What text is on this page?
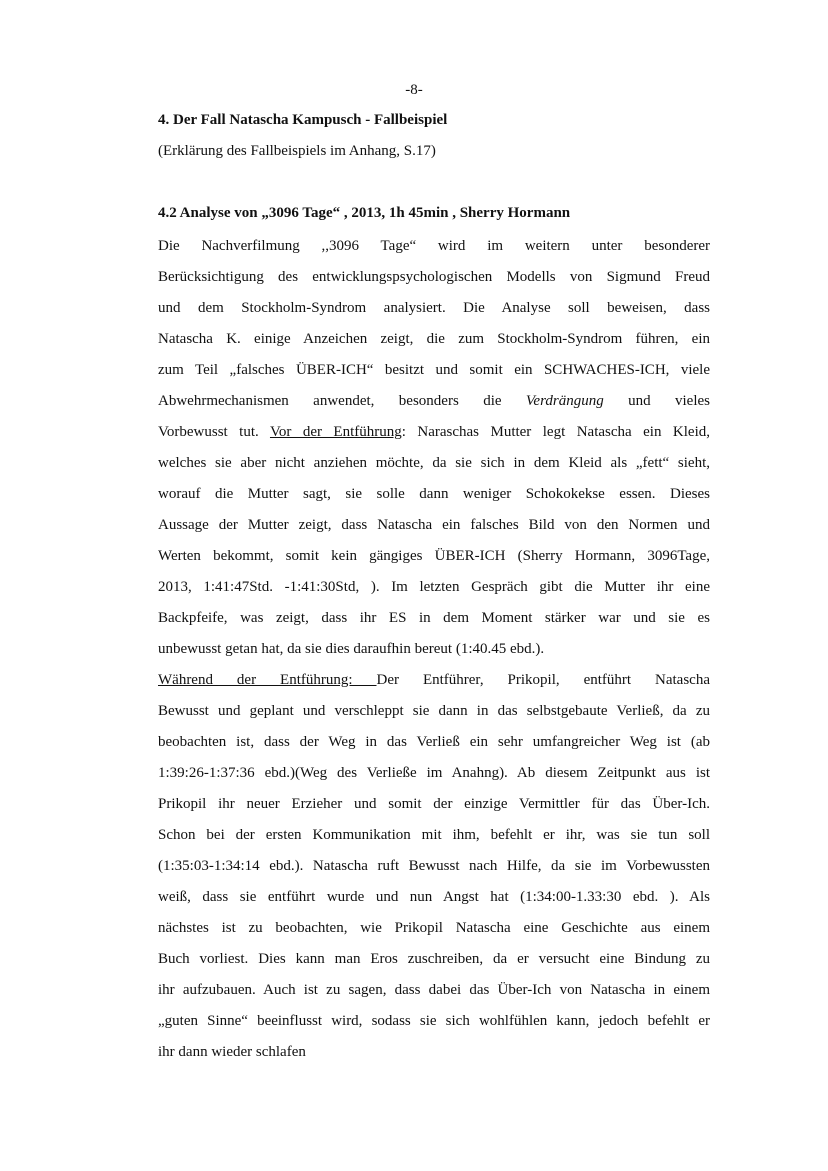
-8-
4. Der Fall Natascha Kampusch - Fallbeispiel
(Erklärung des Fallbeispiels im Anhang, S.17)
4.2 Analyse von „3096 Tage“ , 2013, 1h 45min , Sherry Hormann
Die Nachverfilmung ,,3096 Tage“ wird im weitern unter besonderer
Berücksichtigung des entwicklungspsychologischen Modells von Sigmund Freud
und dem Stockholm-Syndrom analysiert. Die Analyse soll beweisen, dass
Natascha K. einige Anzeichen zeigt, die zum Stockholm-Syndrom führen, ein
zum Teil „falsches ÜBER-ICH“ besitzt und somit ein SCHWACHES-ICH, viele
Abwehrmechanismen anwendet, besonders die Verdrängung und vieles
Vorbewusst tut. Vor der Entführung: Naraschas Mutter legt Natascha ein Kleid,
welches sie aber nicht anziehen möchte, da sie sich in dem Kleid als „fett“ sieht,
worauf die Mutter sagt, sie solle dann weniger Schokokekse essen. Dieses
Aussage der Mutter zeigt, dass Natascha ein falsches Bild von den Normen und
Werten bekommt, somit kein gängiges ÜBER-ICH (Sherry Hormann, 3096Tage,
2013, 1:41:47Std. -1:41:30Std, ). Im letzten Gespräch gibt die Mutter ihr eine
Backpfeife, was zeigt, dass ihr ES in dem Moment stärker war und sie es
unbewusst getan hat, da sie dies daraufhin bereut (1:40.45 ebd.).
Während der Entführung: Der Entführer, Prikopil, entführt Natascha
Bewusst und geplant und verschleppt sie dann in das selbstgebaute Verließ, da zu
beobachten ist, dass der Weg in das Verließ ein sehr umfangreicher Weg ist (ab
1:39:26-1:37:36 ebd.)(Weg des Verließe im Anahng). Ab diesem Zeitpunkt aus ist
Prikopil ihr neuer Erzieher und somit der einzige Vermittler für das Über-Ich.
Schon bei der ersten Kommunikation mit ihm, befehlt er ihr, was sie tun soll
(1:35:03-1:34:14 ebd.). Natascha ruft Bewusst nach Hilfe, da sie im Vorbewussten
weiß, dass sie entführt wurde und nun Angst hat (1:34:00-1.33:30 ebd. ). Als
nächstes ist zu beobachten, wie Prikopil Natascha eine Geschichte aus einem
Buch vorliest. Dies kann man Eros zuschreiben, da er versucht eine Bindung zu
ihr aufzubauen. Auch ist zu sagen, dass dabei das Über-Ich von Natascha in einem
„guten Sinne“ beeinflusst wird, sodass sie sich wohlfühlen kann, jedoch befehlt er
ihr dann wieder schlafen
